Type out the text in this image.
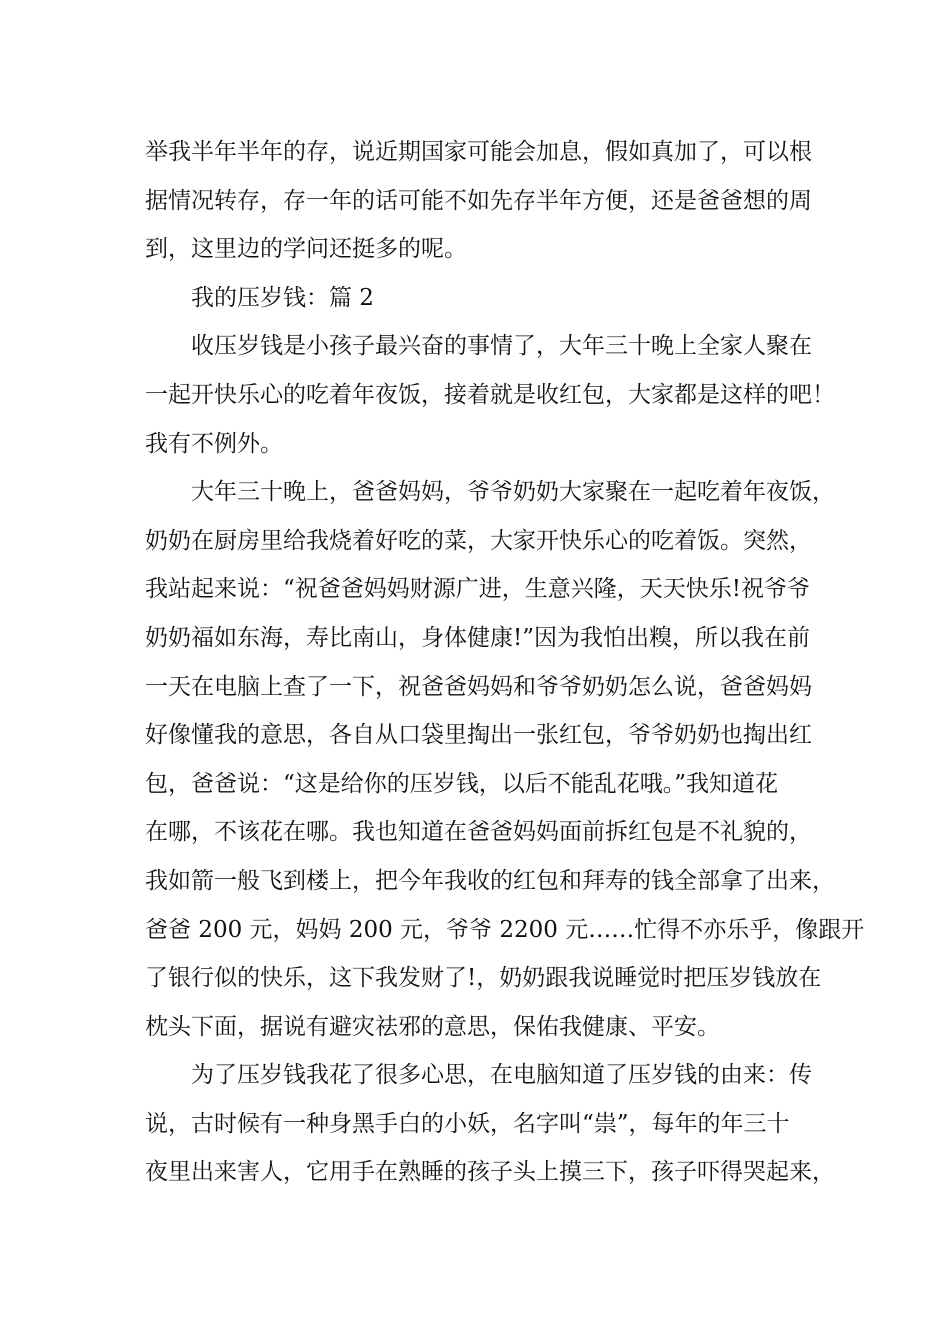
举我半年半年的存，说近期国家可能会加息，假如真加了，可以根
据情况转存，存一年的话可能不如先存半年方便，还是爸爸想的周
到，这里边的学问还挺多的呢。
我的压岁钱：篇 2
收压岁钱是小孩子最兴奋的事情了，大年三十晚上全家人聚在
一起开快乐心的吃着年夜饭，接着就是收红包，大家都是这样的吧！
我有不例外。
大年三十晚上，爸爸妈妈，爷爷奶奶大家聚在一起吃着年夜饭，
奶奶在厨房里给我烧着好吃的菜，大家开快乐心的吃着饭。突然，
我站起来说：“祝爸爸妈妈财源广进，生意兴隆，天天快乐!祝爷爷
奶奶福如东海，寿比南山，身体健康!”因为我怕出糗，所以我在前
一天在电脑上查了一下，祝爸爸妈妈和爷爷奶奶怎么说，爸爸妈妈
好像懂我的意思，各自从口袋里掏出一张红包，爷爷奶奶也掏出红
包，爸爸说：“这是给你的压岁钱，以后不能乱花哦。”我知道花
在哪，不该花在哪。我也知道在爸爸妈妈面前拆红包是不礼貌的，
我如箭一般飞到楼上，把今年我收的红包和拜寿的钱全部拿了出来，
爸爸 200 元，妈妈 200 元，爷爷 2200 元……忙得不亦乐乎，像跟开
了银行似的快乐，这下我发财了!，奶奶跟我说睡觉时把压岁钱放在
枕头下面，据说有避灾祛邪的意思，保佑我健康、平安。
为了压岁钱我花了很多心思，在电脑知道了压岁钱的由来：传
说，古时候有一种身黑手白的小妖，名字叫“祟”，每年的年三十
夜里出来害人，它用手在熟睡的孩子头上摸三下，孩子吓得哭起来，
